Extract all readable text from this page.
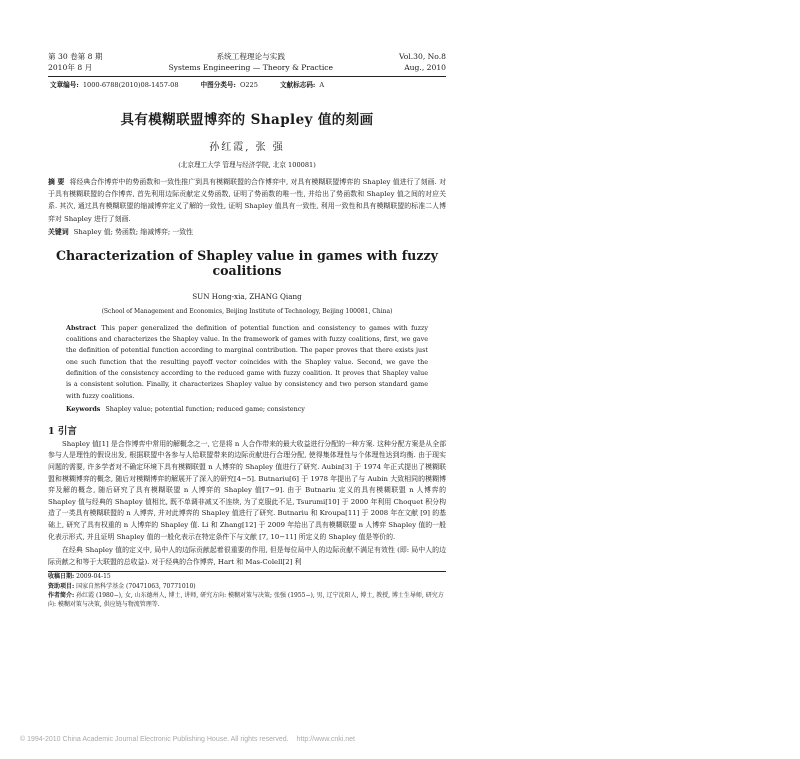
第 30 卷第 8 期
2010年 8 月
系统工程理论与实践
Systems Engineering — Theory & Practice
Vol.30, No.8
Aug., 2010
文章编号: 1000-6788(2010)08-1457-08	中图分类号: O225	文献标志码: A
具有模糊联盟博弈的 Shapley 值的刻画
孙红霞, 张 强
(北京理工大学 管理与经济学院, 北京 100081)
摘 要 将经典合作博弈中的势函数和一致性推广到具有模糊联盟的合作博弈中, 对具有模糊联盟博弈的 Shapley 值进行了刻画. 对于具有模糊联盟的合作博弈, 首先利用边际贡献定义势函数, 证明了势函数的唯一性, 并给出了势函数和 Shapley 值之间的对应关系. 其次, 通过具有模糊联盟的缩减博弈定义了解的一致性, 证明 Shapley 值具有一致性, 利用一致性和具有模糊联盟的标准二人博弈对 Shapley 进行了刻画.
关键词 Shapley 值; 势函数; 缩减博弈; 一致性
Characterization of Shapley value in games with fuzzy coalitions
SUN Hong-xia, ZHANG Qiang
(School of Management and Economics, Beijing Institute of Technology, Beijing 100081, China)
Abstract This paper generalized the definition of potential function and consistency to games with fuzzy coalitions and characterizes the Shapley value. In the framework of games with fuzzy coalitions, first, we gave the definition of potential function according to marginal contribution. The paper proves that there exists just one such function that the resulting payoff vector coincides with the Shapley value. Second, we gave the definition of the consistency according to the reduced game with fuzzy coalition. It proves that Shapley value is a consistent solution. Finally, it characterizes Shapley value by consistency and two person standard game with fuzzy coalitions.
Keywords Shapley value; potential function; reduced game; consistency
1 引言
Shapley 值[1] 是合作博弈中常用的解概念之一, 它是将 n 人合作带来的最大收益进行分配的一种方案. 这种分配方案是从全部参与人是理性的假设出发, 根据联盟中各参与人给联盟带来的边际贡献进行合理分配, 使得集体理性与个体理性达到均衡. 由于现实问题的需要, 许多学者对不确定环境下具有模糊联盟 n 人博弈的 Shapley 值进行了研究. Aubin[3] 于 1974 年正式提出了模糊联盟和模糊博弈的概念, 随后对模糊博弈的解展开了深入的研究[4−5]. Butnariu[6] 于 1978 年提出了与 Aubin 大致相同的模糊博弈及解的概念, 随后研究了具有模糊联盟 n 人博弈的 Shapley 值[7−9]. 由于 Butnariu 定义的具有模糊联盟 n 人博弈的 Shapley 值与经典的 Shapley 值相比, 既不单调非减又不连续, 为了克服此不足, Tsurumi[10] 于 2000 年利用 Choquet 积分构造了一类具有模糊联盟的 n 人博弈, 并对此博弈的 Shapley 值进行了研究. Butnariu 和 Kroupa[11] 于 2008 年在文献 [9] 的基础上, 研究了具有权重的 n 人博弈的 Shapley 值. Li 和 Zhang[12] 于 2009 年给出了具有模糊联盟 n 人博弈 Shapley 值的一般化表示形式, 并且证明 Shapley 值的一般化表示在特定条件下与文献 [7, 10−11] 所定义的 Shapley 值是等价的.
在经典 Shapley 值的定义中, 局中人的边际贡献起着很重要的作用, 但是每位局中人的边际贡献不满足有效性 (即: 局中人的边际贡献之和等于大联盟的总收益). 对于经典的合作博弈, Hart 和 Mas-Colell[2] 利
收稿日期: 2009-04-15
资助项目: 国家自然科学基金 (70471063, 70771010)
作者简介: 孙红霞 (1980−), 女, 山东德州人, 博士, 讲师, 研究方向: 模糊对策与决策; 张强 (1955−), 男, 辽宁沈阳人, 博士, 教授, 博士生导师, 研究方向: 模糊对策与决策, 供应链与物流管理等.
© 1994-2010 China Academic Journal Electronic Publishing House. All rights reserved. http://www.cnki.net
